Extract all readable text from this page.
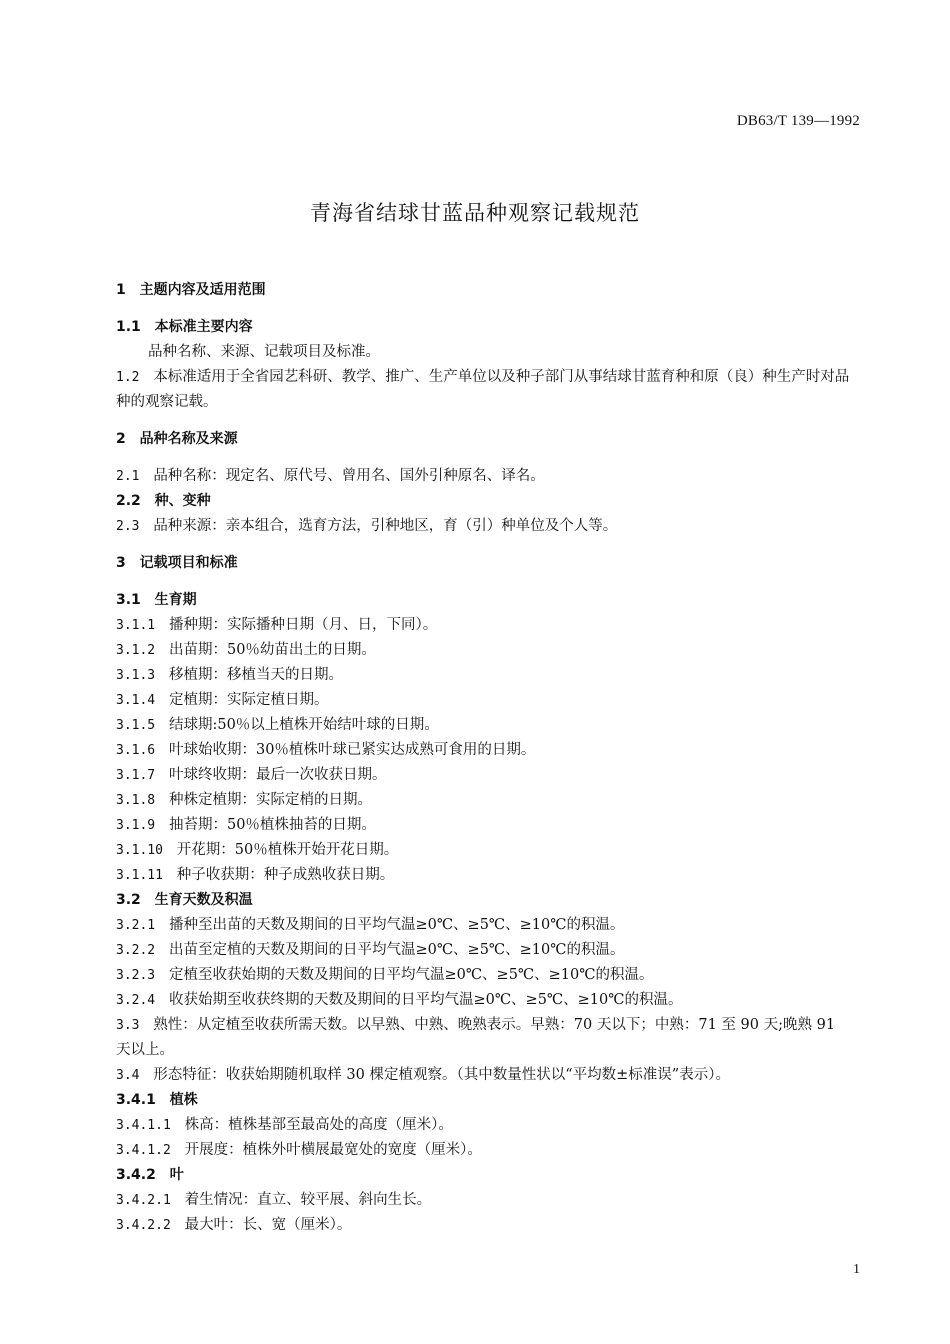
DB63/T 139—1992
青海省结球甘蓝品种观察记载规范
1 主题内容及适用范围
1.1 本标准主要内容
品种名称、来源、记载项目及标准。
1.2 本标准适用于全省园艺科研、教学、推广、生产单位以及种子部门从事结球甘蓝育种和原（良）种生产时对品种的观察记载。
2 品种名称及来源
2.1 品种名称：现定名、原代号、曾用名、国外引种原名、译名。
2.2 种、变种
2.3 品种来源：亲本组合，选育方法，引种地区，育（引）种单位及个人等。
3 记载项目和标准
3.1 生育期
3.1.1 播种期：实际播种日期（月、日，下同）。
3.1.2 出苗期：50％幼苗出土的日期。
3.1.3 移植期：移植当天的日期。
3.1.4 定植期：实际定植日期。
3.1.5 结球期:50％以上植株开始结叶球的日期。
3.1.6 叶球始收期：30％植株叶球已紧实达成熟可食用的日期。
3.1.7 叶球终收期：最后一次收获日期。
3.1.8 种株定植期：实际定梢的日期。
3.1.9 抽苔期：50％植株抽苔的日期。
3.1.10 开花期：50％植株开始开花日期。
3.1.11 种子收获期：种子成熟收获日期。
3.2 生育天数及积温
3.2.1 播种至出苗的天数及期间的日平均气温≥0℃、≥5℃、≥10℃的积温。
3.2.2 出苗至定植的天数及期间的日平均气温≥0℃、≥5℃、≥10℃的积温。
3.2.3 定植至收获始期的天数及期间的日平均气温≥0℃、≥5℃、≥10℃的积温。
3.2.4 收获始期至收获终期的天数及期间的日平均气温≥0℃、≥5℃、≥10℃的积温。
3.3 熟性：从定植至收获所需天数。以早熟、中熟、晚熟表示。早熟：70 天以下；中熟：71 至 90 天;晚熟 91 天以上。
3.4 形态特征：收获始期随机取样 30 棵定植观察。（其中数量性状以“平均数±标准误”表示）。
3.4.1 植株
3.4.1.1 株高：植株基部至最高处的高度（厘米）。
3.4.1.2 开展度：植株外叶横展最宽处的宽度（厘米）。
3.4.2 叶
3.4.2.1 着生情况：直立、较平展、斜向生长。
3.4.2.2 最大叶：长、宽（厘米）。
1
